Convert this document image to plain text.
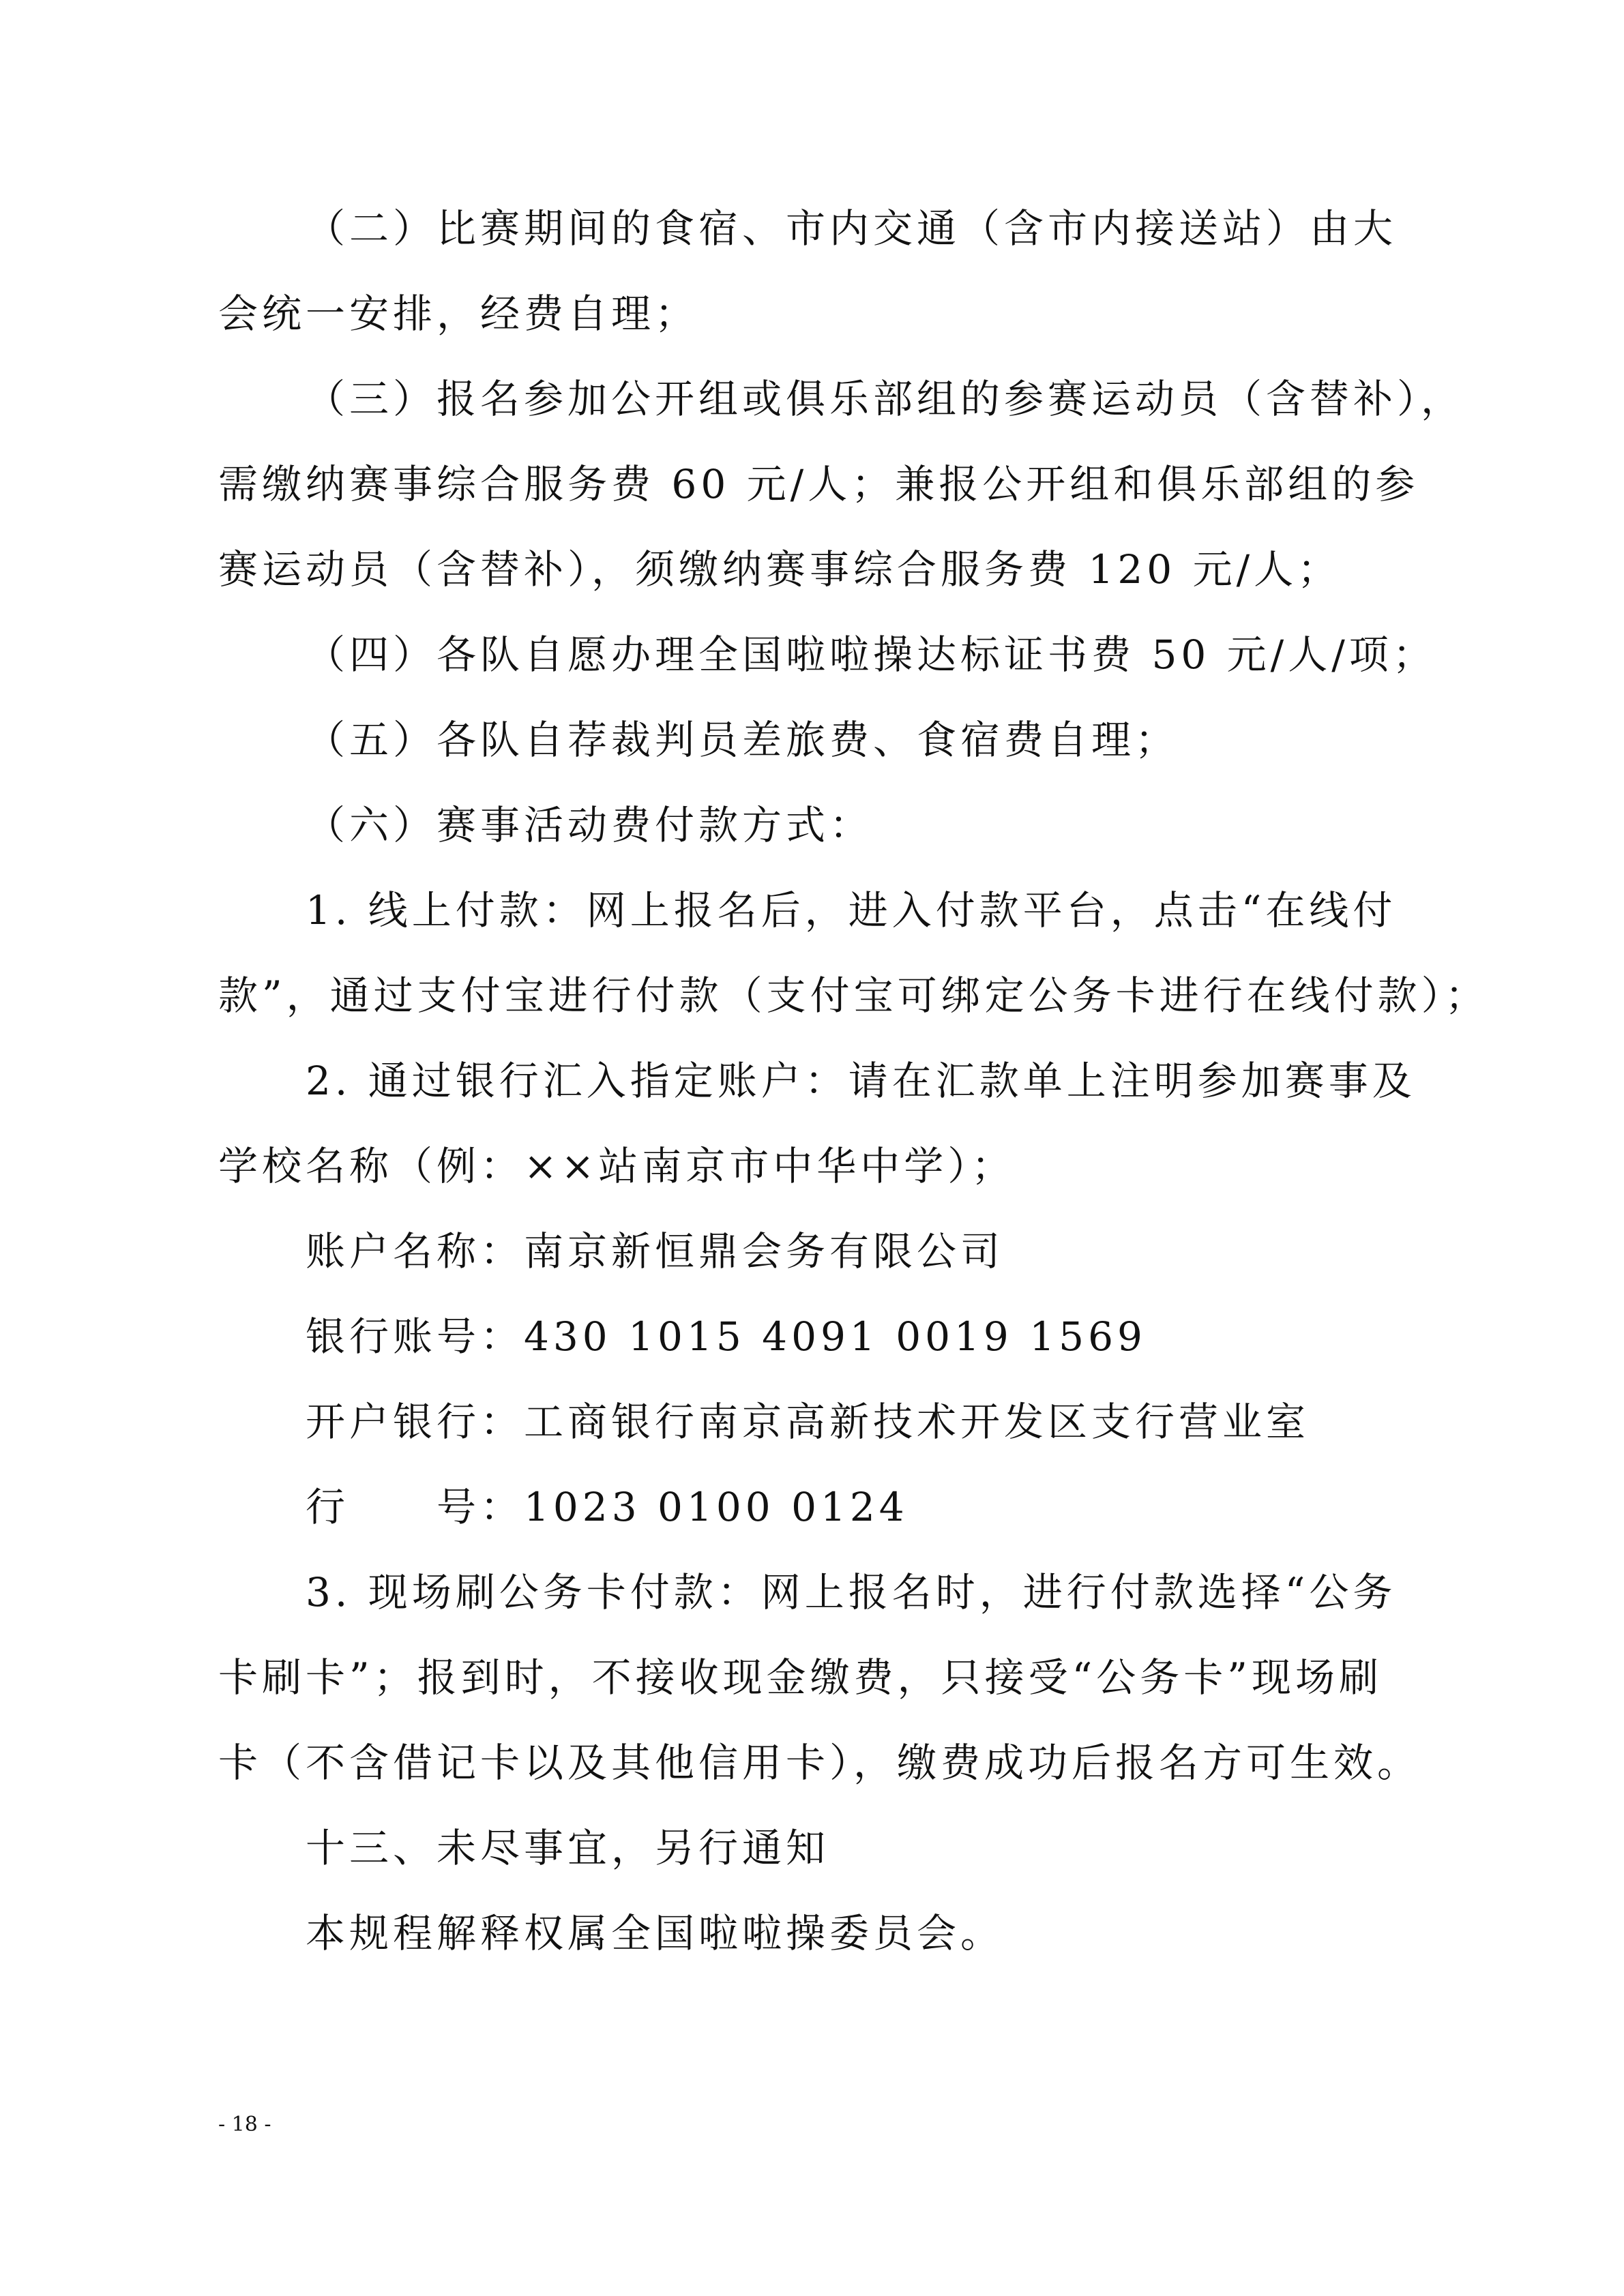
（二）比赛期间的食宿、市内交通（含市内接送站）由大
会统一安排，经费自理；
（三）报名参加公开组或俱乐部组的参赛运动员（含替补），
需缴纳赛事综合服务费 60 元/人；兼报公开组和俱乐部组的参
赛运动员（含替补），须缴纳赛事综合服务费 120 元/人；
（四）各队自愿办理全国啦啦操达标证书费 50 元/人/项；
（五）各队自荐裁判员差旅费、食宿费自理；
（六）赛事活动费付款方式：
1. 线上付款：网上报名后，进入付款平台，点击“在线付
款”，通过支付宝进行付款（支付宝可绑定公务卡进行在线付款）；
2. 通过银行汇入指定账户：请在汇款单上注明参加赛事及
学校名称（例：××站南京市中华中学）；
账户名称：南京新恒鼎会务有限公司
银行账号：430 1015 4091 0019 1569
开户银行：工商银行南京高新技术开发区支行营业室
行　　号：1023 0100 0124
3. 现场刷公务卡付款：网上报名时，进行付款选择“公务
卡刷卡”；报到时，不接收现金缴费，只接受“公务卡”现场刷
卡（不含借记卡以及其他信用卡），缴费成功后报名方可生效。
十三、未尽事宜，另行通知
本规程解释权属全国啦啦操委员会。
- 18 -
